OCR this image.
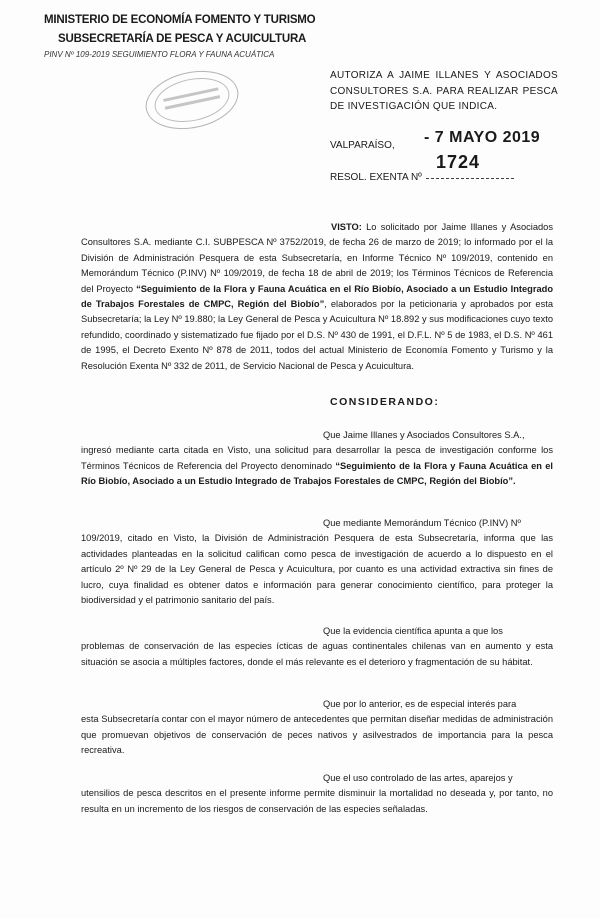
MINISTERIO DE ECONOMÍA FOMENTO Y TURISMO
SUBSECRETARÍA DE PESCA Y ACUICULTURA
PINV Nº 109-2019 SEGUIMIENTO FLORA Y FAUNA ACUÁTICA
AUTORIZA A JAIME ILLANES Y ASOCIADOS CONSULTORES S.A. PARA REALIZAR PESCA DE INVESTIGACIÓN QUE INDICA.
VALPARAÍSO, - 7 MAYO 2019
RESOL. EXENTA Nº
1724
VISTO: Lo solicitado por Jaime Illanes y Asociados Consultores S.A. mediante C.I. SUBPESCA Nº 3752/2019, de fecha 26 de marzo de 2019; lo informado por el la División de Administración Pesquera de esta Subsecretaría, en Informe Técnico Nº 109/2019, contenido en Memorándum Técnico (P.INV) Nº 109/2019, de fecha 18 de abril de 2019; los Términos Técnicos de Referencia del Proyecto “Seguimiento de la Flora y Fauna Acuática en el Río Biobío, Asociado a un Estudio Integrado de Trabajos Forestales de CMPC, Región del Biobío”, elaborados por la peticionaria y aprobados por esta Subsecretaría; la Ley Nº 19.880; la Ley General de Pesca y Acuicultura Nº 18.892 y sus modificaciones cuyo texto refundido, coordinado y sistematizado fue fijado por el D.S. Nº 430 de 1991, el D.F.L. Nº 5 de 1983, el D.S. Nº 461 de 1995, el Decreto Exento Nº 878 de 2011, todos del actual Ministerio de Economía Fomento y Turismo y la Resolución Exenta Nº 332 de 2011, de Servicio Nacional de Pesca y Acuicultura.
CONSIDERANDO:
Que Jaime Illanes y Asociados Consultores S.A.,
ingresó mediante carta citada en Visto, una solicitud para desarrollar la pesca de investigación conforme los Términos Técnicos de Referencia del Proyecto denominado “Seguimiento de la Flora y Fauna Acuática en el Río Biobío, Asociado a un Estudio Integrado de Trabajos Forestales de CMPC, Región del Biobío”.
Que mediante Memorándum Técnico (P.INV) Nº
109/2019, citado en Visto, la División de Administración Pesquera de esta Subsecretaría, informa que las actividades planteadas en la solicitud califican como pesca de investigación de acuerdo a lo dispuesto en el artículo 2º Nº 29 de la Ley General de Pesca y Acuicultura, por cuanto es una actividad extractiva sin fines de lucro, cuya finalidad es obtener datos e información para generar conocimiento científico, para proteger la biodiversidad y el patrimonio sanitario del país.
Que la evidencia científica apunta a que los
problemas de conservación de las especies ícticas de aguas continentales chilenas van en aumento y esta situación se asocia a múltiples factores, donde el más relevante es el deterioro y fragmentación de su hábitat.
Que por lo anterior, es de especial interés para
esta Subsecretaría contar con el mayor número de antecedentes que permitan diseñar medidas de administración que promuevan objetivos de conservación de peces nativos y asilvestrados de importancia para la pesca recreativa.
Que el uso controlado de las artes, aparejos y
utensilios de pesca descritos en el presente informe permite disminuir la mortalidad no deseada y, por tanto, no resulta en un incremento de los riesgos de conservación de las especies señaladas.
